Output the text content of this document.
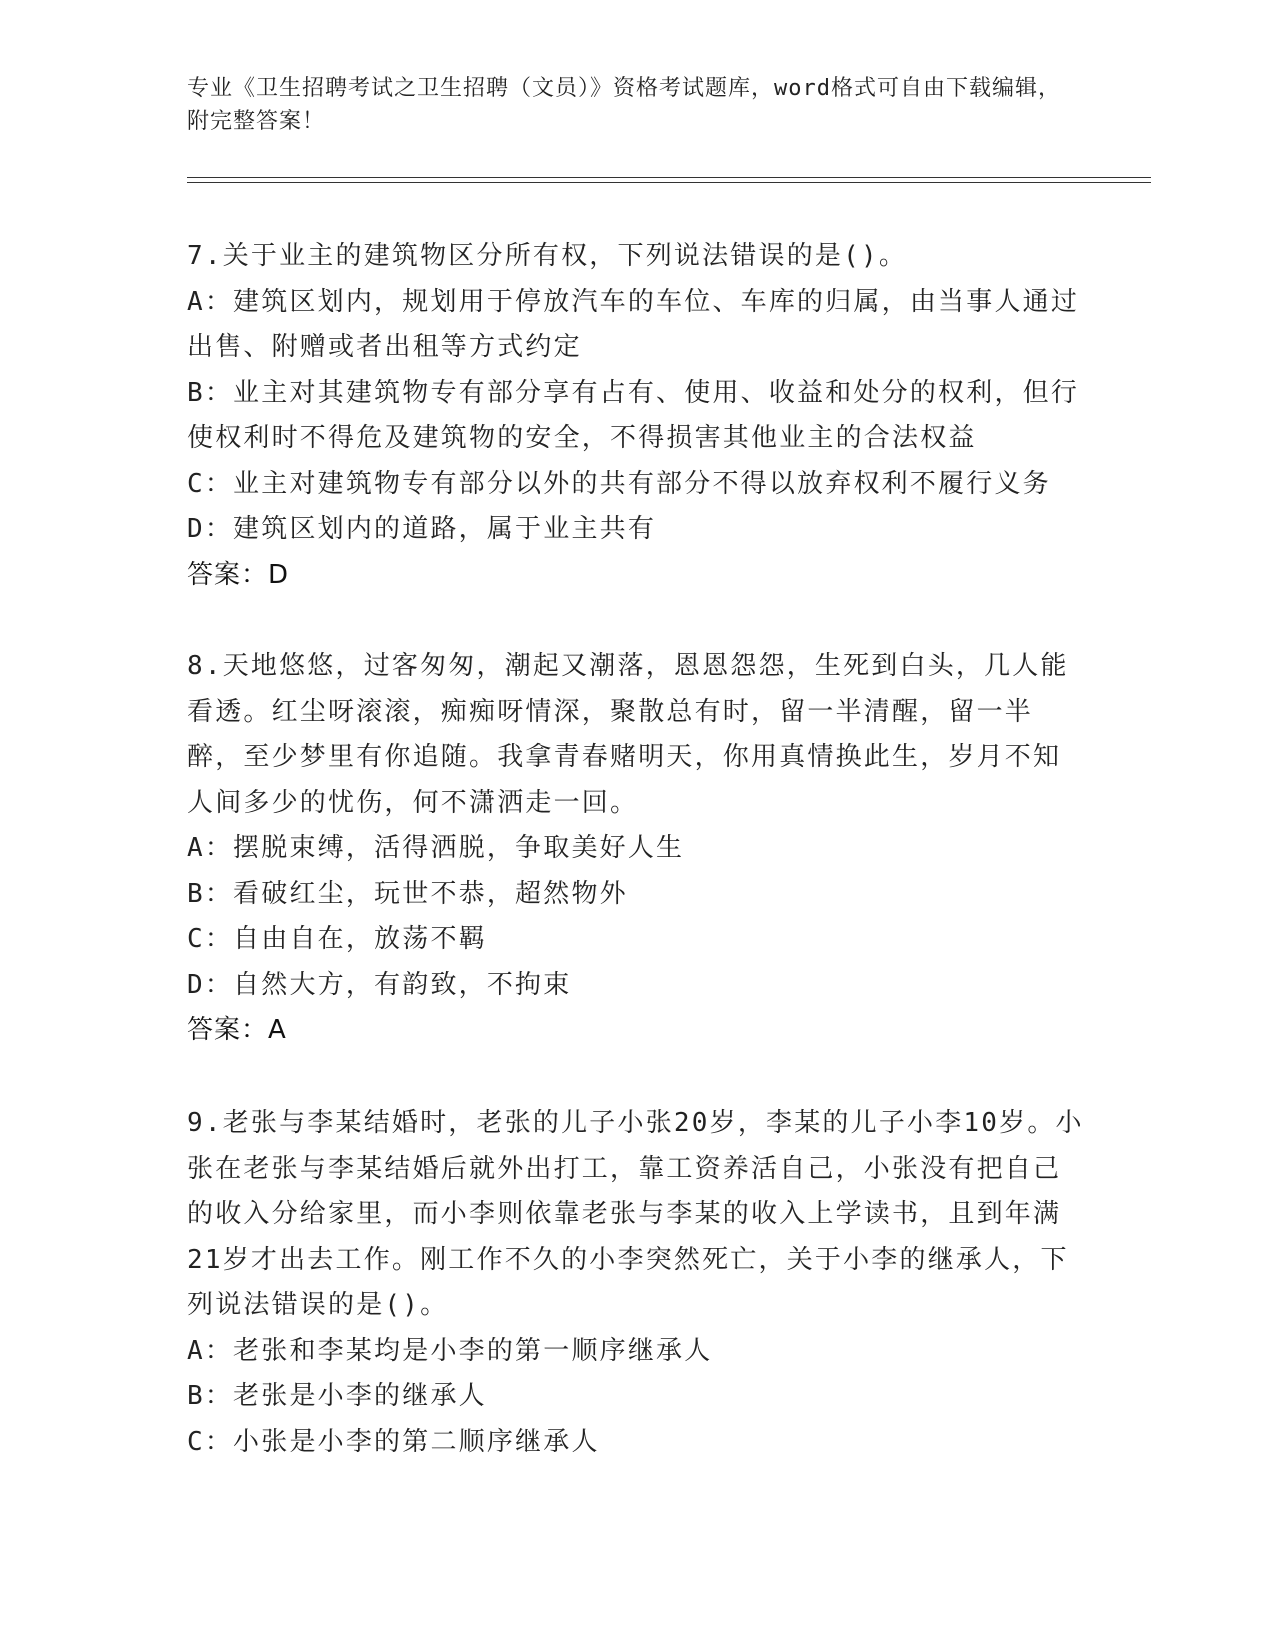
专业《卫生招聘考试之卫生招聘（文员）》资格考试题库，word格式可自由下载编辑，附完整答案！

7.关于业主的建筑物区分所有权，下列说法错误的是()。

A：建筑区划内，规划用于停放汽车的车位、车库的归属，由当事人通过出售、附赠或者出租等方式约定

B：业主对其建筑物专有部分享有占有、使用、收益和处分的权利，但行使权利时不得危及建筑物的安全，不得损害其他业主的合法权益

C：业主对建筑物专有部分以外的共有部分不得以放弃权利不履行义务

D：建筑区划内的道路，属于业主共有

答案：D

8.天地悠悠，过客匆匆，潮起又潮落，恩恩怨怨，生死到白头，几人能看透。红尘呀滚滚，痴痴呀情深，聚散总有时，留一半清醒，留一半醉，至少梦里有你追随。我拿青春赌明天，你用真情换此生，岁月不知人间多少的忧伤，何不潇洒走一回。

A：摆脱束缚，活得洒脱，争取美好人生

B：看破红尘，玩世不恭，超然物外

C：自由自在，放荡不羁

D：自然大方，有韵致，不拘束

答案：A

9.老张与李某结婚时，老张的儿子小张20岁，李某的儿子小李10岁。小张在老张与李某结婚后就外出打工，靠工资养活自己，小张没有把自己的收入分给家里，而小李则依靠老张与李某的收入上学读书，且到年满21岁才出去工作。刚工作不久的小李突然死亡，关于小李的继承人，下列说法错误的是()。

A：老张和李某均是小李的第一顺序继承人

B：老张是小李的继承人

C：小张是小李的第二顺序继承人
